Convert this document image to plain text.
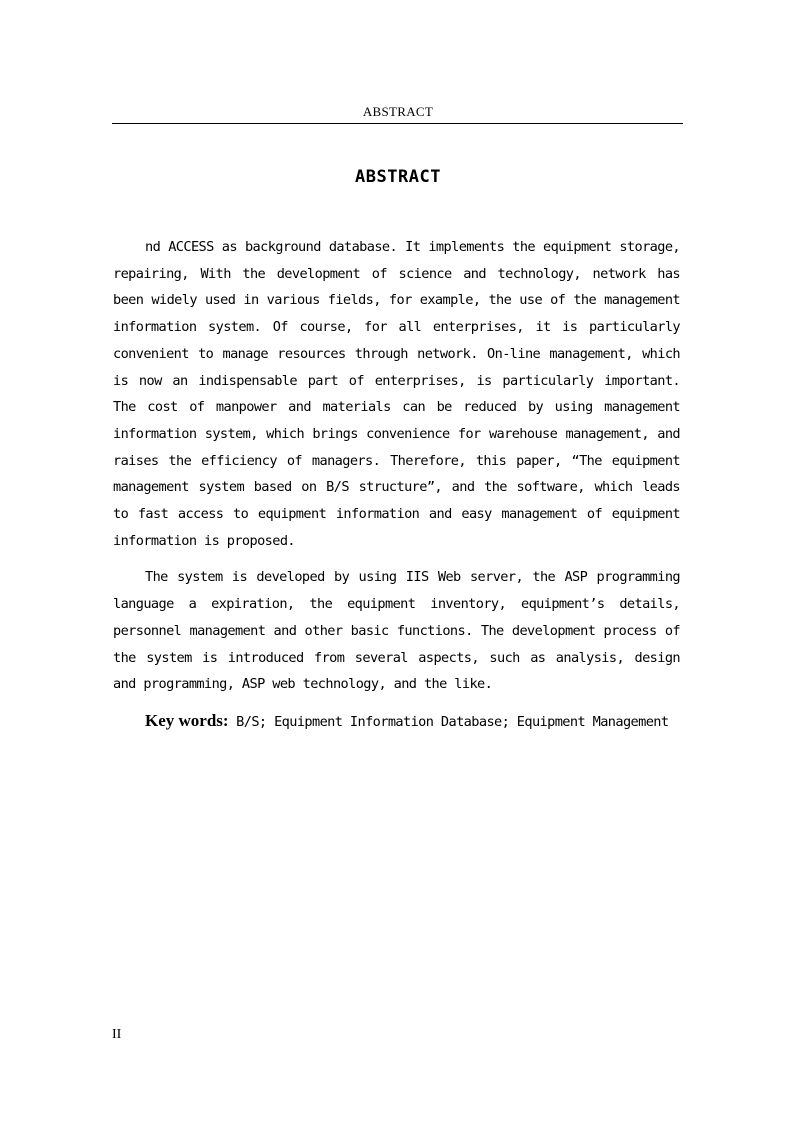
ABSTRACT
ABSTRACT

nd ACCESS as background database. It implements the equipment storage, repairing, With the development of science and technology, network has been widely used in various fields, for example, the use of the management information system. Of course, for all enterprises, it is particularly convenient to manage resources through network. On-line management, which is now an indispensable part of enterprises, is particularly important. The cost of manpower and materials can be reduced by using management information system, which brings convenience for warehouse management, and raises the efficiency of managers. Therefore, this paper, “The equipment management system based on B/S structure”, and the software, which leads to fast access to equipment information and easy management of equipment information is proposed.

The system is developed by using IIS Web server, the ASP programming language a expiration, the equipment inventory, equipment’s details, personnel management and other basic functions. The development process of the system is introduced from several aspects, such as analysis, design and programming, ASP web technology, and the like.

Key words: B/S; Equipment Information Database; Equipment Management

II
